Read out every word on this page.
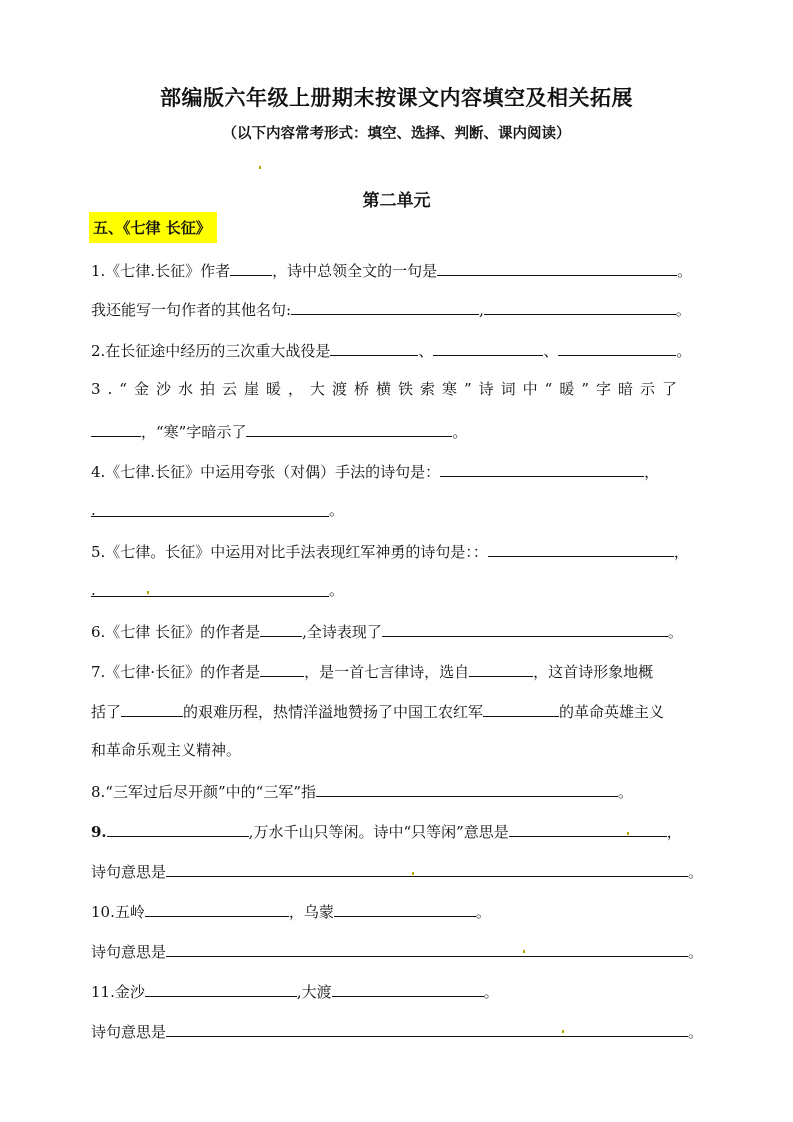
部编版六年级上册期末按课文内容填空及相关拓展
（以下内容常考形式：填空、选择、判断、课内阅读）
第二单元
五、《七律 长征》
1.《七律.长征》作者	，诗中总领全文的一句是	。
我还能写一句作者的其他名句:	,	。
2.在长征途中经历的三次重大战役是	、	、	。
3.“金沙水拍云崖暖，大渡桥横铁索寒”诗词中“暖”字暗示了
，“寒”字暗示了	。
4.《七律.长征》中运用夸张（对偶）手法的诗句是：	，
.	。
5.《七律。长征》中运用对比手法表现红军神勇的诗句是：：	，
.	。
6.《七律 长征》的作者是	,全诗表现了	。
7.《七律·长征》的作者是	，是一首七言律诗，选自	，这首诗形象地概
括了	的艰难历程，热情洋溢地赞扬了中国工农红军	的革命英雄主义
和革命乐观主义精神。
8.“三军过后尽开颜”中的“三军”指	。
9.	,万水千山只等闲。诗中“只等闲”意思是	，
诗句意思是	。
10.五岭	，乌蒙	。
诗句意思是	。
11.金沙	,大渡	。
诗句意思是	。
